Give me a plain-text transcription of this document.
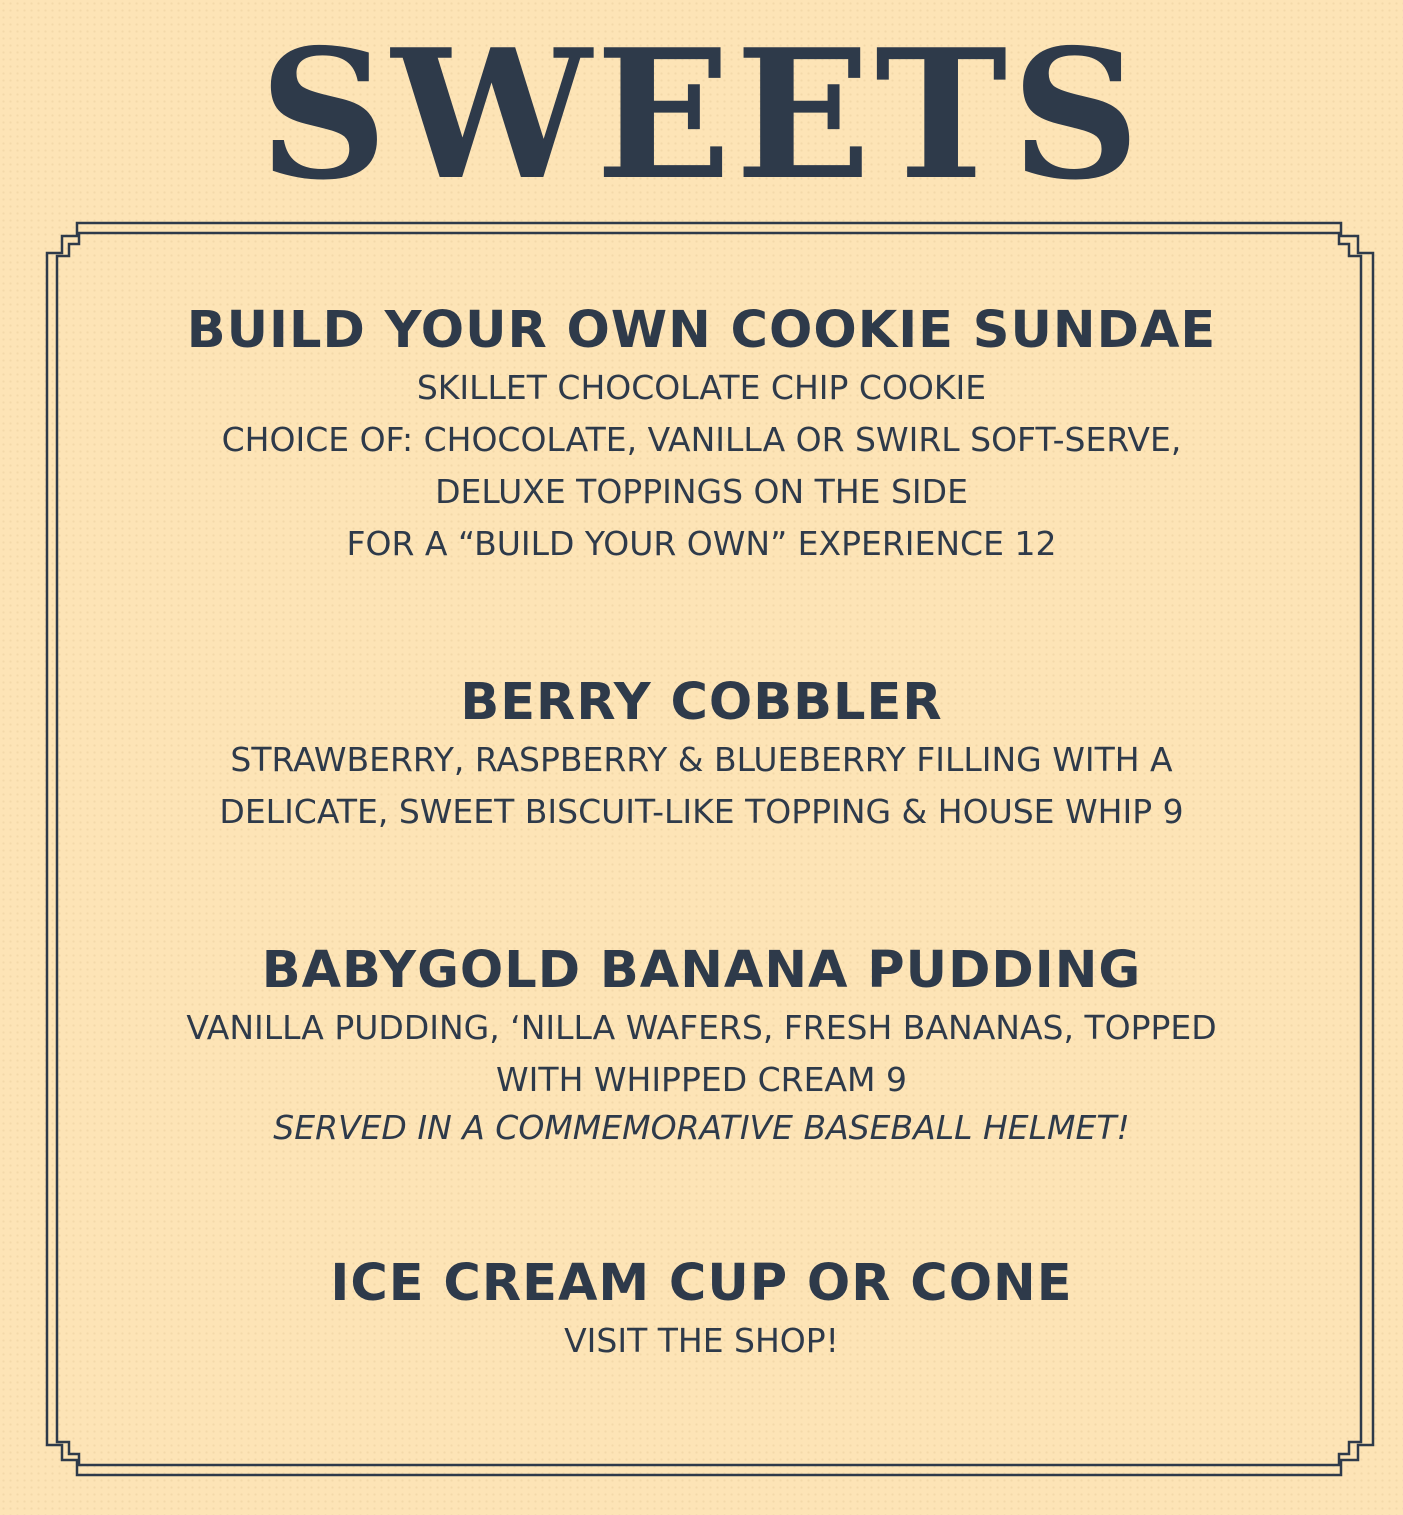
SWEETS
BUILD YOUR OWN COOKIE SUNDAE
SKILLET CHOCOLATE CHIP COOKIE
CHOICE OF: CHOCOLATE, VANILLA OR SWIRL SOFT-SERVE,
DELUXE TOPPINGS ON THE SIDE
FOR A “BUILD YOUR OWN” EXPERIENCE 12
BERRY COBBLER
STRAWBERRY, RASPBERRY & BLUEBERRY FILLING WITH A
DELICATE, SWEET BISCUIT-LIKE TOPPING & HOUSE WHIP 9
BABYGOLD BANANA PUDDING
VANILLA PUDDING, ‘NILLA WAFERS, FRESH BANANAS, TOPPED
WITH WHIPPED CREAM 9
SERVED IN A COMMEMORATIVE BASEBALL HELMET!
ICE CREAM CUP OR CONE
VISIT THE SHOP!
